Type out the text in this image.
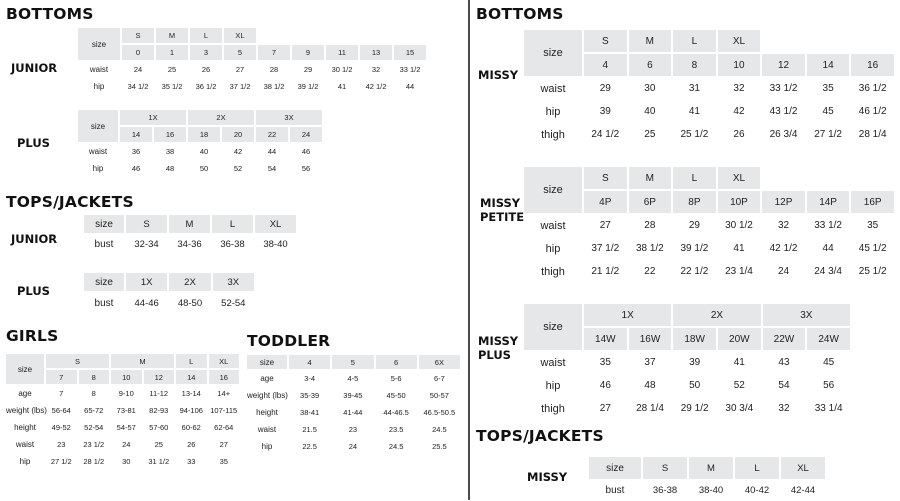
BOTTOMS
TOPS/JACKETS
GIRLS	TODDLER
BOTTOMS
TOPS/JACKETS
JUNIOR
PLUS
JUNIOR
PLUS
MISSY
MISSY
PETITE
MISSY
PLUS
MISSY
size	S	M	L	XL					
	0	1	3	5	7	9	11	13	15
waist	24	25	26	27	28	29	30 1/2	32	33 1/2
hip	34 1/2	35 1/2	36 1/2	37 1/2	38 1/2	39 1/2	41	42 1/2	44
size	1X		2X		3X	
	14	16	18	20	22	24
waist	36	38	40	42	44	46
hip	46	48	50	52	54	56
size	S	M	L	XL
bust	32-34	34-36	36-38	38-40
size	1X	2X	3X
bust	44-46	48-50	52-54
size	S		M		L	XL
	7	8	10	12	14	16
age	7	8	9-10	11-12	13-14	14+
weight (lbs)	56-64	65-72	73-81	82-93	94-106	107-115
height	49-52	52-54	54-57	57-60	60-62	62-64
waist	23	23 1/2	24	25	26	27
hip	27 1/2	28 1/2	30	31 1/2	33	35
size	4	5	6	6X
age	3-4	4-5	5-6	6-7
weight (lbs)	35-39	39-45	45-50	50-57
height	38-41	41-44	44-46.5	46.5-50.5
waist	21.5	23	23.5	24.5
hip	22.5	24	24.5	25.5
size	S	M	L	XL			
	4	6	8	10	12	14	16
waist	29	30	31	32	33 1/2	35	36 1/2
hip	39	40	41	42	43 1/2	45	46 1/2
thigh	24 1/2	25	25 1/2	26	26 3/4	27 1/2	28 1/4
size	S	M	L	XL			
	4P	6P	8P	10P	12P	14P	16P
waist	27	28	29	30 1/2	32	33 1/2	35
hip	37 1/2	38 1/2	39 1/2	41	42 1/2	44	45 1/2
thigh	21 1/2	22	22 1/2	23 1/4	24	24 3/4	25 1/2
size	1X		2X		3X	
	14W	16W	18W	20W	22W	24W
waist	35	37	39	41	43	45
hip	46	48	50	52	54	56
thigh	27	28 1/4	29 1/2	30 3/4	32	33 1/4
size	S	M	L	XL
bust	36-38	38-40	40-42	42-44
